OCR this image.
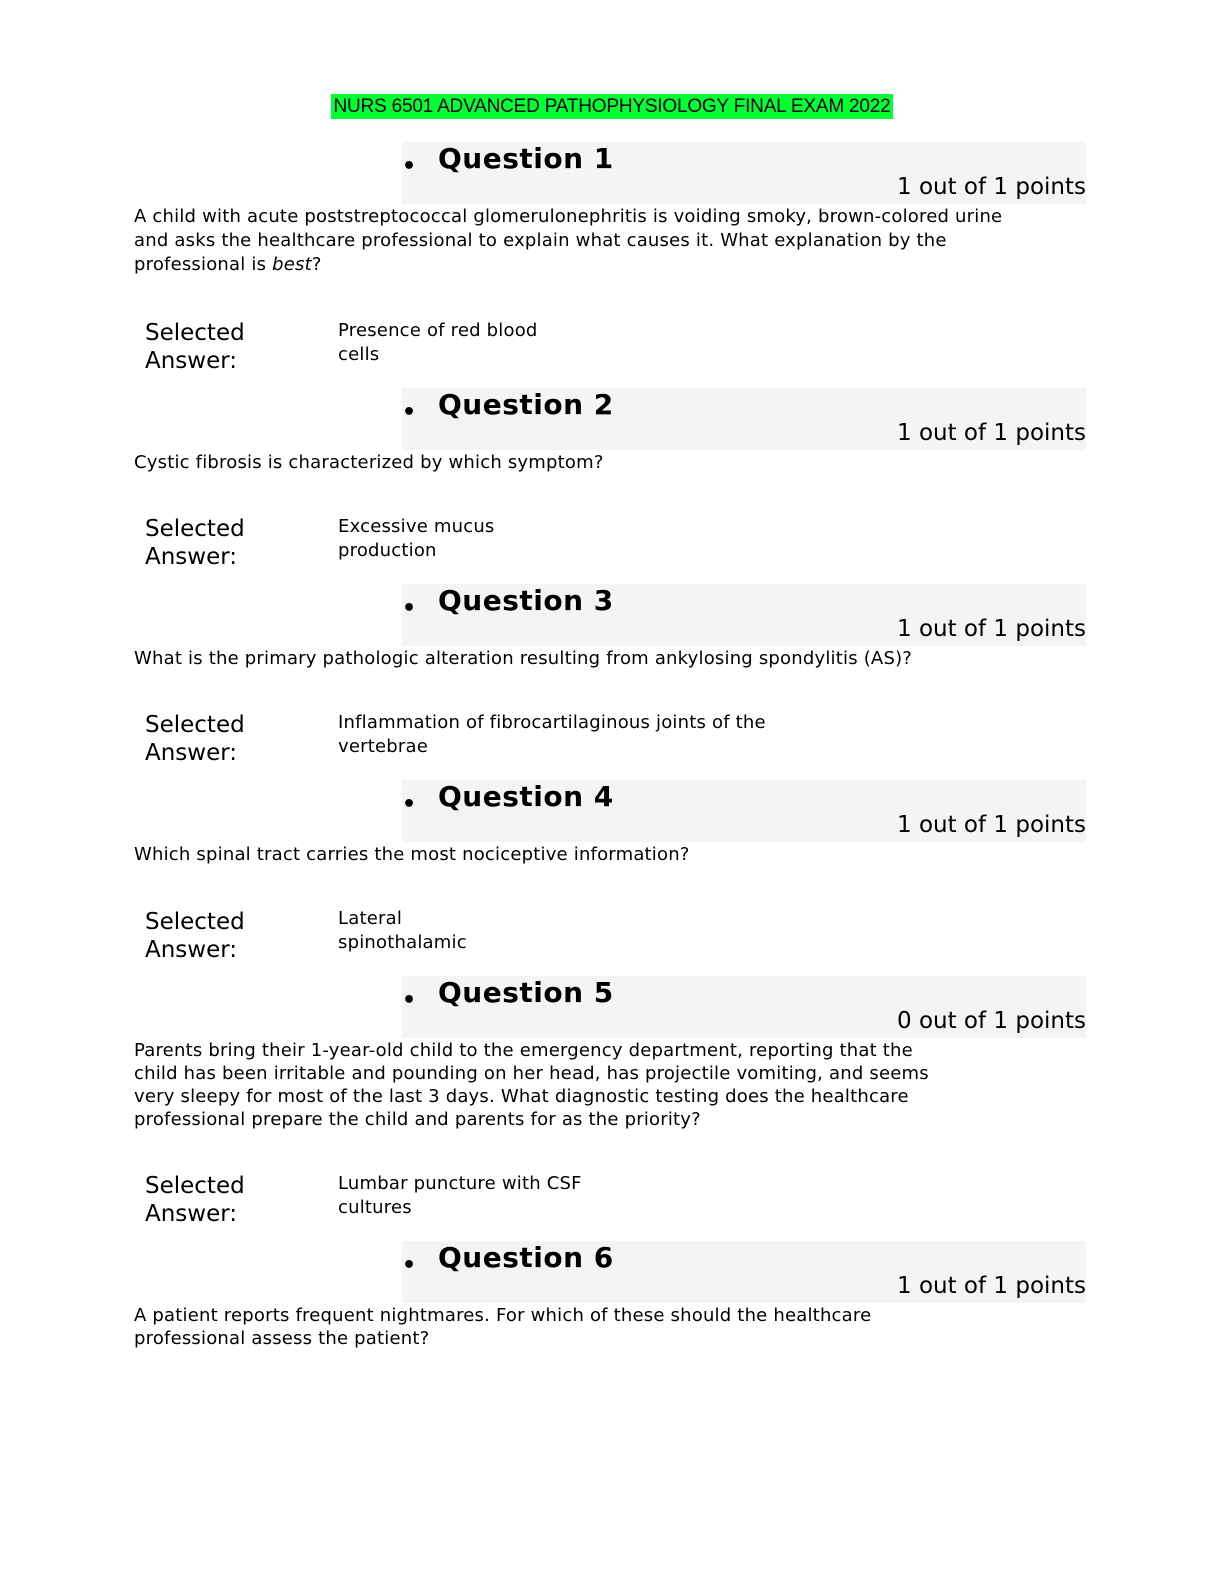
NURS 6501 ADVANCED PATHOPHYSIOLOGY FINAL EXAM 2022
• Question 1
1 out of 1 points
A child with acute poststreptococcal glomerulonephritis is voiding smoky, brown-colored urine and asks the healthcare professional to explain what causes it. What explanation by the professional is best?
Selected
Answer:
Presence of red blood
cells
• Question 2
1 out of 1 points
Cystic fibrosis is characterized by which symptom?
Selected
Answer:
Excessive mucus
production
• Question 3
1 out of 1 points
What is the primary pathologic alteration resulting from ankylosing spondylitis (AS)?
Selected
Answer:
Inflammation of fibrocartilaginous joints of the
vertebrae
• Question 4
1 out of 1 points
Which spinal tract carries the most nociceptive information?
Selected
Answer:
Lateral
spinothalamic
• Question 5
0 out of 1 points
Parents bring their 1-year-old child to the emergency department, reporting that the
child has been irritable and pounding on her head, has projectile vomiting, and seems
very sleepy for most of the last 3 days. What diagnostic testing does the healthcare
professional prepare the child and parents for as the priority?
Selected
Answer:
Lumbar puncture with CSF
cultures
• Question 6
1 out of 1 points
A patient reports frequent nightmares. For which of these should the healthcare
professional assess the patient?
